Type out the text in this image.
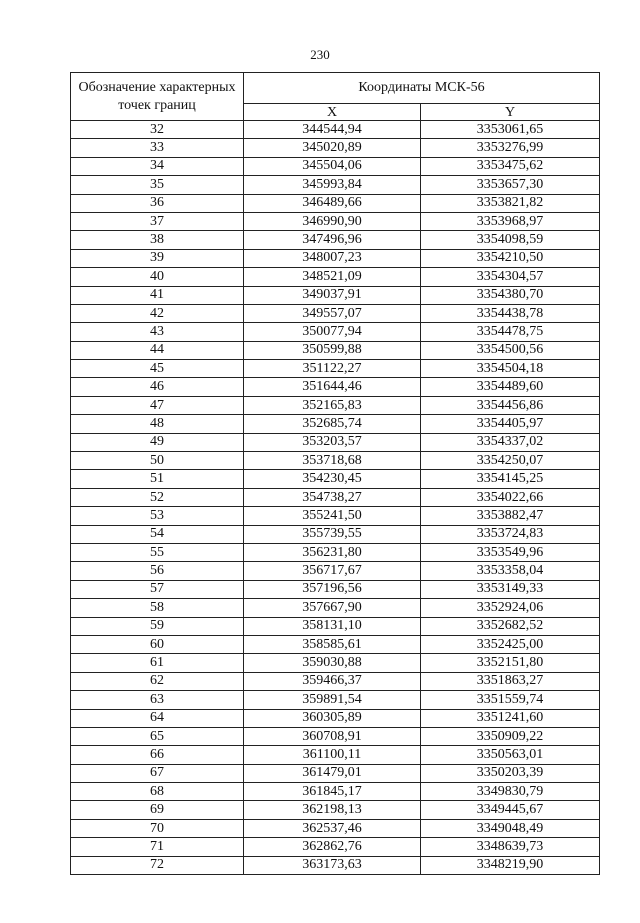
230
Обозначение характерных точек границ	Координаты МСК-56	
	X	Y
32	344544,94	3353061,65
33	345020,89	3353276,99
34	345504,06	3353475,62
35	345993,84	3353657,30
36	346489,66	3353821,82
37	346990,90	3353968,97
38	347496,96	3354098,59
39	348007,23	3354210,50
40	348521,09	3354304,57
41	349037,91	3354380,70
42	349557,07	3354438,78
43	350077,94	3354478,75
44	350599,88	3354500,56
45	351122,27	3354504,18
46	351644,46	3354489,60
47	352165,83	3354456,86
48	352685,74	3354405,97
49	353203,57	3354337,02
50	353718,68	3354250,07
51	354230,45	3354145,25
52	354738,27	3354022,66
53	355241,50	3353882,47
54	355739,55	3353724,83
55	356231,80	3353549,96
56	356717,67	3353358,04
57	357196,56	3353149,33
58	357667,90	3352924,06
59	358131,10	3352682,52
60	358585,61	3352425,00
61	359030,88	3352151,80
62	359466,37	3351863,27
63	359891,54	3351559,74
64	360305,89	3351241,60
65	360708,91	3350909,22
66	361100,11	3350563,01
67	361479,01	3350203,39
68	361845,17	3349830,79
69	362198,13	3349445,67
70	362537,46	3349048,49
71	362862,76	3348639,73
72	363173,63	3348219,90
